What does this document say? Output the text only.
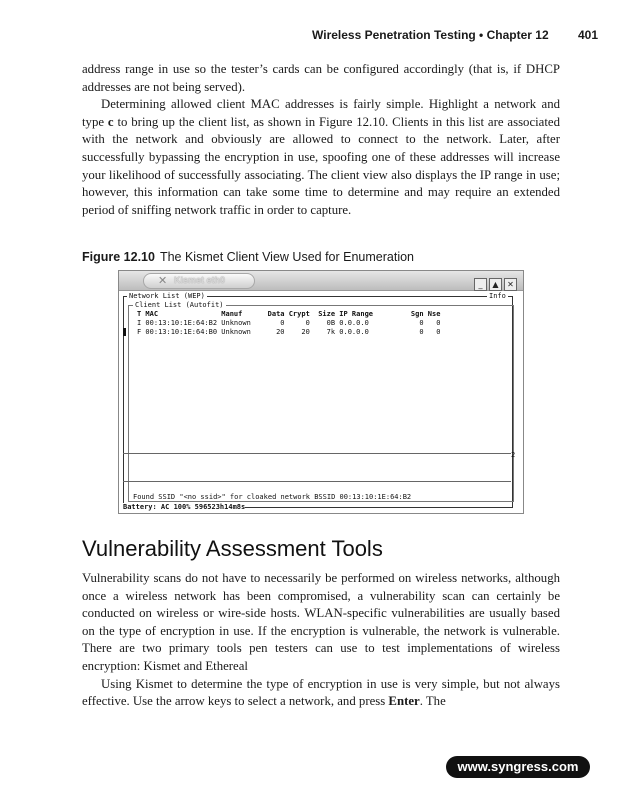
Wireless Penetration Testing • Chapter 12 401

address range in use so the tester’s cards can be configured accordingly (that is, if DHCP addresses are not being served).

Determining allowed client MAC addresses is fairly simple. Highlight a network and type c to bring up the client list, as shown in Figure 12.10. Clients in this list are associated with the network and obviously are allowed to connect to the network. Later, after successfully bypassing the encryption in use, spoofing one of these addresses will increase your likelihood of successfully associating. The client view also displays the IP range in use; however, this information can take some time to determine and may require an extended period of sniffing network traffic in order to capture.

Figure 12.10 The Kismet Client View Used for Enumeration
✕ Kismet eth0	_ ▲ ✕
Network List (WEP)	Info
Client List (Autofit)
T MAC               Manuf      Data Crypt  Size IP Range         Sgn Nse
I 00:13:10:1E:64:B2 Unknown       0     0    0B 0.0.0.0            0   0
F 00:13:10:1E:64:B0 Unknown      20    20    7k 0.0.0.0            0   0
2
Found SSID "<no ssid>" for cloaked network BSSID 00:13:10:1E:64:B2
Battery: AC 100% 596523h14m8s
Vulnerability Assessment Tools

Vulnerability scans do not have to necessarily be performed on wireless networks, although once a wireless network has been compromised, a vulnerability scan can certainly be conducted on wireless or wire-side hosts. WLAN-specific vulnerabilities are usually based on the type of encryption in use. If the encryption is vulnerable, the network is vulnerable. There are two primary tools pen testers can use to test implementations of wireless encryption: Kismet and Ethereal

Using Kismet to determine the type of encryption in use is very simple, but not always effective. Use the arrow keys to select a network, and press Enter. The

www.syngress.com
